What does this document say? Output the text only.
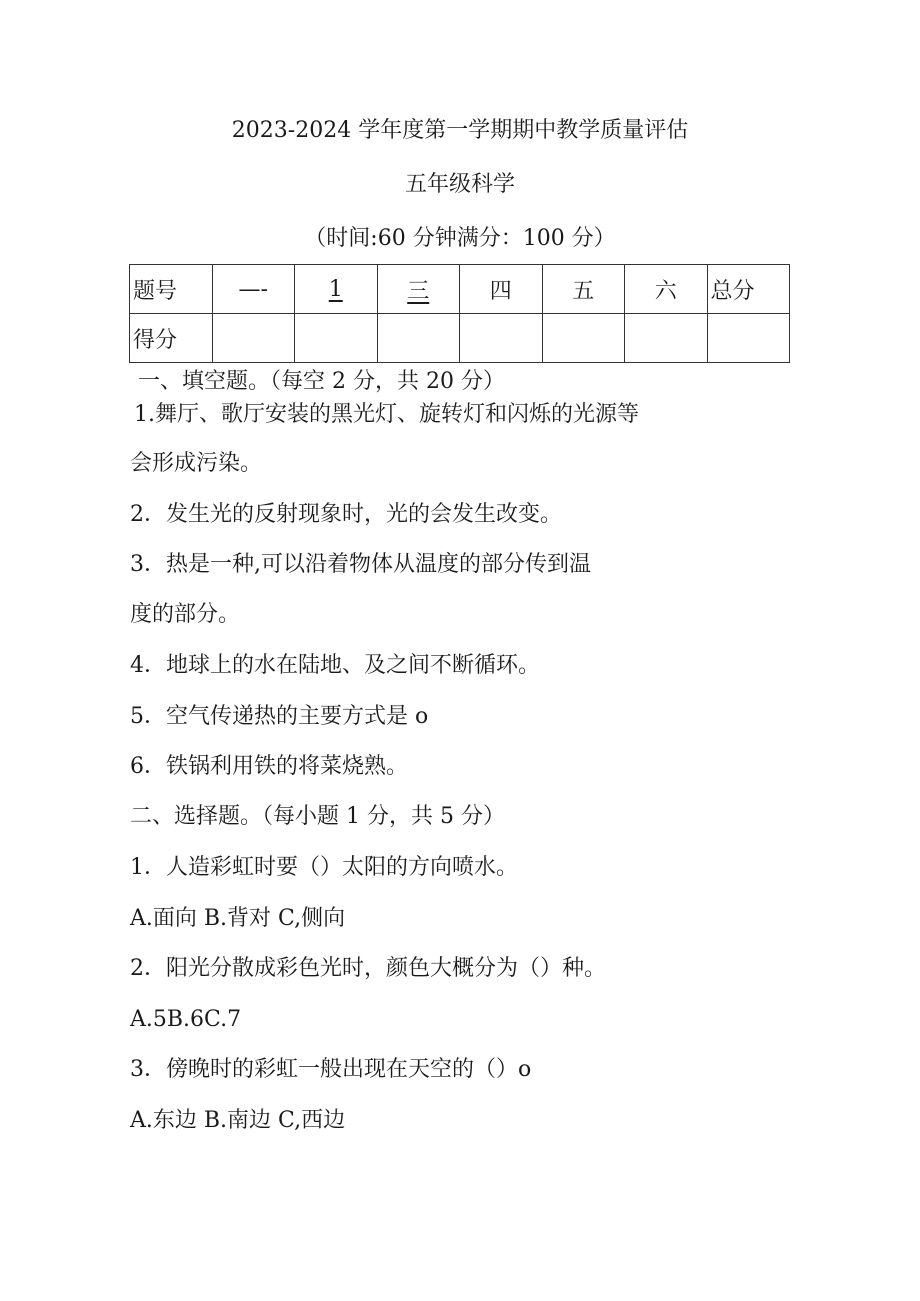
2023-2024 学年度第一学期期中教学质量评估
五年级科学
（时间:60 分钟满分：100 分）
题号	—-	1	三	四	五	六	总分
得分							
一、填空题。（每空 2 分，共 20 分）
1.舞厅、歌厅安装的黑光灯、旋转灯和闪烁的光源等
会形成污染。
2．发生光的反射现象时，光的会发生改变。
3．热是一种,可以沿着物体从温度的部分传到温
度的部分。
4．地球上的水在陆地、及之间不断循环。
5．空气传递热的主要方式是 o
6．铁锅利用铁的将菜烧熟。
二、选择题。（每小题 1 分，共 5 分）
1．人造彩虹时要（）太阳的方向喷水。
A.面向 B.背对 C,侧向
2．阳光分散成彩色光时，颜色大概分为（）种。
A.5B.6C.7
3．傍晚时的彩虹一般出现在天空的（）o
A.东边 B.南边 C,西边
